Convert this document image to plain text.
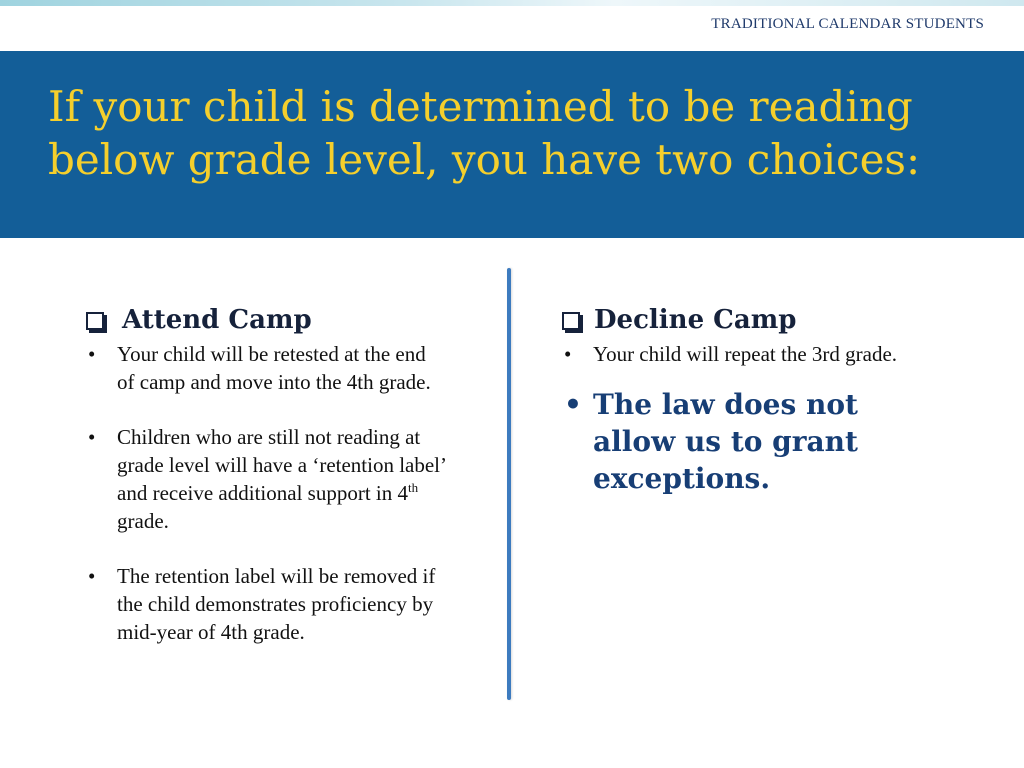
TRADITIONAL CALENDAR STUDENTS
If your child is determined to be reading
below grade level, you have two choices:
Attend Camp
• Your child will be retested at the end of camp and move into the 4th grade.
• Children who are still not reading at grade level will have a ‘retention label’ and receive additional support in 4th grade.
• The retention label will be removed if the child demonstrates proficiency by mid-year of 4th grade.
Decline Camp
• Your child will repeat the 3rd grade.
• The law does not allow us to grant exceptions.
